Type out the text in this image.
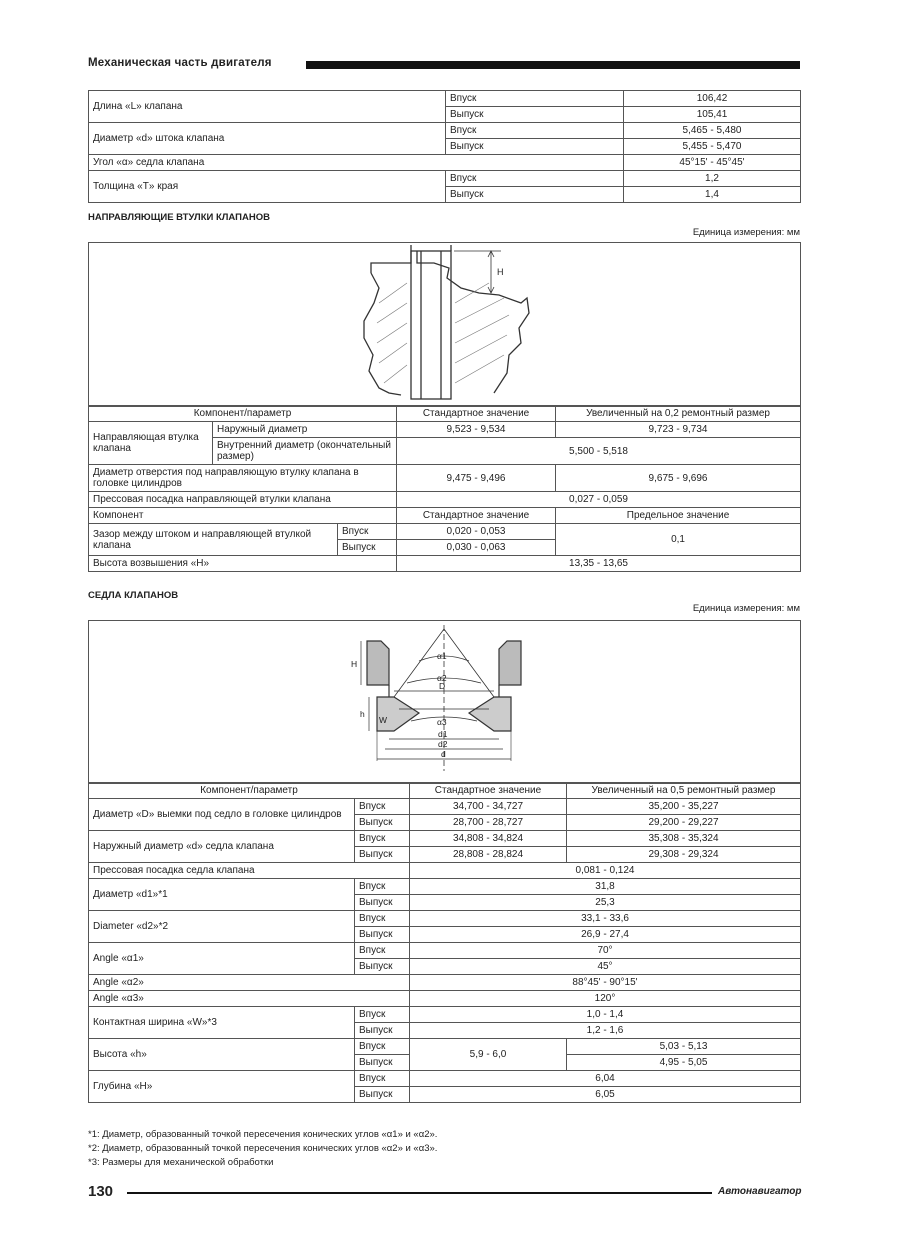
Механическая часть двигателя
Длина «L» клапана	Впуск	106,42
	Выпуск	105,41
Диаметр «d» штока клапана	Впуск	5,465 - 5,480
	Выпуск	5,455 - 5,470
Угол «α» седла клапана		45°15' - 45°45'
Толщина «T» края	Впуск	1,2
	Выпуск	1,4
НАПРАВЛЯЮЩИЕ ВТУЛКИ КЛАПАНОВ
Единица измерения: мм
H
Компонент/параметр			Стандартное значение	Увеличенный на 0,2 ремонтный размер
Направляющая втулка клапана	Наружный диаметр		9,523 - 9,534	9,723 - 9,734
	Внутренний диаметр (окончательный размер)		5,500 - 5,518	
Диаметр отверстия под направляющую втулку клапана в головке цилиндров			9,475 - 9,496	9,675 - 9,696
Прессовая посадка направляющей втулки клапана			0,027 - 0,059	
Компонент			Стандартное значение	Предельное значение
Зазор между штоком и направляющей втулкой клапана		Впуск	0,020 - 0,053	0,1
		Выпуск	0,030 - 0,063	
Высота возвышения «H»			13,35 - 13,65	
СЕДЛА КЛАПАНОВ
Единица измерения: мм
H
h
W
α1
α2
α3
D
d1
d2
d
Компонент/параметр		Стандартное значение	Увеличенный на 0,5 ремонтный размер
Диаметр «D» выемки под седло в головке цилиндров	Впуск	34,700 - 34,727	35,200 - 35,227
	Выпуск	28,700 - 28,727	29,200 - 29,227
Наружный диаметр «d» седла клапана	Впуск	34,808 - 34,824	35,308 - 35,324
	Выпуск	28,808 - 28,824	29,308 - 29,324
Прессовая посадка седла клапана		0,081 - 0,124	
Диаметр «d1»*1	Впуск	31,8	
	Выпуск	25,3	
Diameter «d2»*2	Впуск	33,1 - 33,6	
	Выпуск	26,9 - 27,4	
Angle «α1»	Впуск	70°	
	Выпуск	45°	
Angle «α2»		88°45' - 90°15'	
Angle «α3»		120°	
Контактная ширина «W»*3	Впуск	1,0 - 1,4	
	Выпуск	1,2 - 1,6	
Высота «h»	Впуск	5,9 - 6,0	5,03 - 5,13
	Выпуск		4,95 - 5,05
Глубина «H»	Впуск	6,04	
	Выпуск	6,05	
*1: Диаметр, образованный точкой пересечения конических углов «α1» и «α2».
*2: Диаметр, образованный точкой пересечения конических углов «α2» и «α3».
*3: Размеры для механической обработки
130	Автонавигатор
